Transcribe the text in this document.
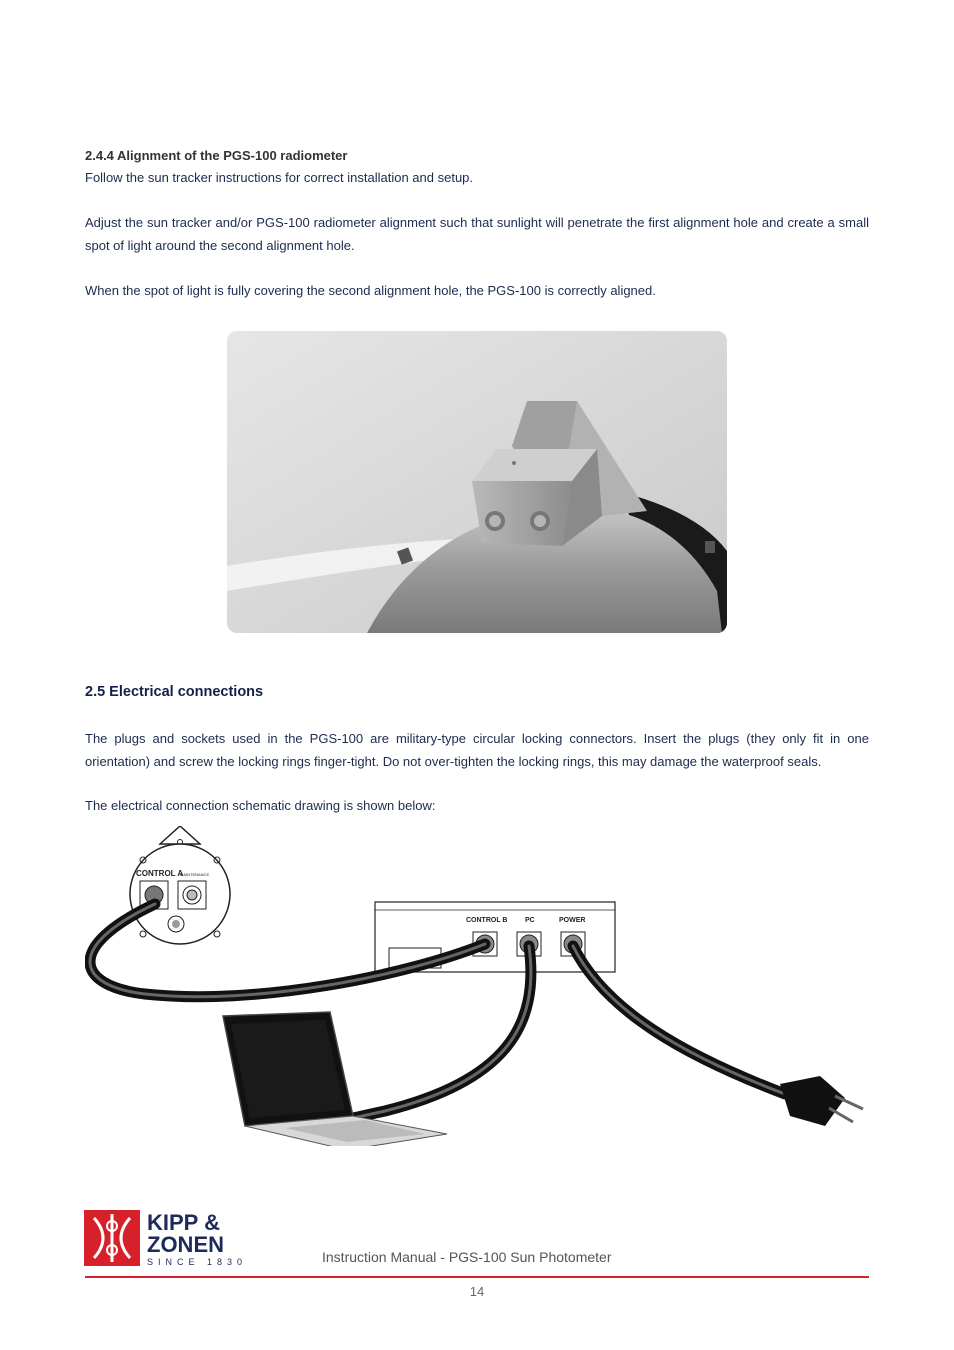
2.4.4 Alignment of the PGS-100 radiometer
Follow the sun tracker instructions for correct installation and setup.
Adjust the sun tracker and/or PGS-100 radiometer alignment such that sunlight will penetrate the first alignment hole and create a small spot of light around the second alignment hole.
When the spot of light is fully covering the second alignment hole, the PGS-100 is correctly aligned.
2.5 Electrical connections
The plugs and sockets used in the PGS-100 are military-type circular locking connectors. Insert the plugs (they only fit in one orientation) and screw the locking rings finger-tight. Do not over-tighten the locking rings, this may damage the waterproof seals.
The electrical connection schematic drawing is shown below:
CONTROL A
MAINTENANCE
CONTROL B	PC	POWER
KIPP &
ZONEN
SINCE 1830	Instruction Manual - PGS-100 Sun Photometer
14
